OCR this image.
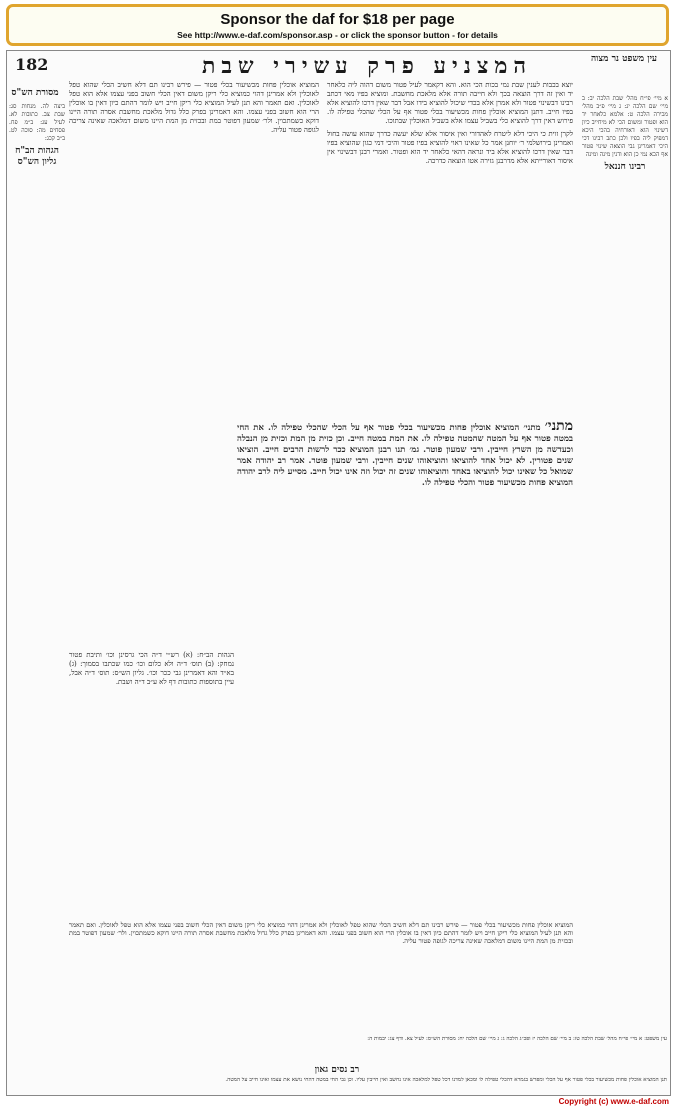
Sponsor the daf for $18 per page
See http://www.e-daf.com/sponsor.asp - or click the sponsor button - for details
182	המצניע פרק עשירי שבת
מסורת הש"ס
עין משפט נר מצוה

ביצה לה. מנחות סג: שבת צב. כתובות לא. לעיל עג: ב״מ פח. פסחים מה: סוכה לט. ב״ב קכג:

הגהות הב"ח
גליון הש"ס

א מיי׳ פי״ח מהל׳ שבת הלכה יב: ב מיי׳ שם הלכה יג: ג מיי׳ פ״ב מהל׳ מכירה הלכה ט: אלמא כלאחר יד הוא ופטור ומשום הכי לא מיחייב כיון דשינוי הוא דאורחיה בהכי היכא דמפיק ליה בפיו ולכן כתב רבינו דכי היכי דאמרינן גבי הוצאה שינוי פטור אף הכא נמי כן הוא ודנין מינה ומינה

רבינו חננאל

יוצא בכבות לענין שבת נמי בכות הכי הוא. והא דקאמר לעיל פטור משום דהוה ליה כלאחר יד ואין זה דרך הוצאה בכך ולא חייבה תורה אלא מלאכת מחשבת. ומוציא בפיו מאי דכתב רבינו דבשינוי פטור ולא אמרן אלא בכדי שיכול להוציא בידו אבל דבר שאין דרכו להוציא אלא בפיו חייב. דתנן המוציא אוכלין פחות מכשיעור בכלי פטור אף על הכלי שהכלי טפילה לו. פירוש דאין דרך להוציא כלי בשביל עצמו אלא בשביל האוכלין שבתוכו.

לקרן זוית כי היכי דלא ליטרח לאהדורי ואין איסור אלא שלא יעשה כדרך שהוא עושה בחול ואמרינן בירושלמי ר׳ יוחנן אמר כל שאינו ראוי להוציא בפיו פטור והיכי דמי כגון שהוציא בפיו דבר שאין דרכו להוציא אלא ביד ונראה דהאי כלאחר יד הוא ופטור. ואמרי רבנן דבשינוי אין איסור דאורייתא אלא מדרבנן גזירה אטו הוצאה כדרכה.

המוציא אוכלין פחות מכשיעור בכלי פטור — פירש רבינו תם דלא חשיב הכלי שהוא טפל לאוכלין ולא אמרינן דהוי כמוציא כלי ריקן משום דאין הכלי חשוב בפני עצמו אלא הוא טפל לאוכלין. ואם תאמר והא תנן לעיל המוציא כלי ריקן חייב ויש לומר דהתם כיון דאין בו אוכלין הרי הוא חשוב בפני עצמו. והא דאמרינן בפרק כלל גדול מלאכת מחשבת אסרה תורה היינו דוקא כשמתכוין. ולר׳ שמעון דפוטר במת ובכזית מן המת היינו משום דמלאכה שאינה צריכה לגופה פטור עליה.

מתני׳ מתני׳ המוציא אוכלין פחות מכשיעור בכלי פטור אף על הכלי שהכלי טפילה לו. את החי במטה פטור אף על המטה שהמטה טפילה לו. את המת במטה חייב. וכן כזית מן המת וכזית מן הנבלה וכעדשה מן השרץ חייבין. ורבי שמעון פוטר. גמ׳ תנו רבנן המוציא ככר לרשות הרבים חייב. הוציאו שנים פטורין. לא יכול אחד להוציאו והוציאוהו שנים חייבין. ורבי שמעון פוטר. אמר רב יהודה אמר שמואל כל שאינו יכול להוציאו באחד והוציאוהו שנים זה יכול וזה אינו יכול חייב. מסייע ליה לרב יהודה המוציא פחות מכשיעור פטור והכלי טפילה לו.

הגהות הב״ח: (א) רש״י ד״ה הכי גרסינן וכו׳ ותיבת פטור נמחק: (ב) תוס׳ ד״ה ולא כלום וכו׳ כמו שכתבו בסמוך: (ג) בא״ד והא דאמרינן גבי ככר וכו׳. גליון הש״ס: תוס׳ ד״ה אבל, עיין בתוספות כתובות דף לא ע״ב ד״ה ושבת.

המוציא אוכלין פחות מכשיעור בכלי פטור — פירש רבינו תם דלא חשיב הכלי שהוא טפל לאוכלין ולא אמרינן דהוי כמוציא כלי ריקן משום דאין הכלי חשוב בפני עצמו אלא הוא טפל לאוכלין. ואם תאמר והא תנן לעיל המוציא כלי ריקן חייב ויש לומר דהתם כיון דאין בו אוכלין הרי הוא חשוב בפני עצמו. והא דאמרינן בפרק כלל גדול מלאכת מחשבת אסרה תורה היינו דוקא כשמתכוין. ולר׳ שמעון דפוטר במת ובכזית מן המת היינו משום דמלאכה שאינה צריכה לגופה פטור עליה.

עין משפט: א מיי׳ פי״ח מהל׳ שבת הלכה טז: ב מיי׳ שם הלכה יז ופכ״ג הלכה ג: ג מיי׳ שם הלכה יח: מסורת הש״ס: לעיל צא. ודף צג: יבמות ה:

רב נסים גאון

תנן המוציא אוכלין פחות מכשיעור בכלי פטור אף על הכלי ומפרש בגמרא דהכלי טפילה לו ומכאן למדנו דכל טפל למלאכה אינו נחשב ואין חייבין עליו. וכן גבי החי במטה דהחי נושא את עצמו ואינו חייב על המטה.

Copyright (c) www.e-daf.com
